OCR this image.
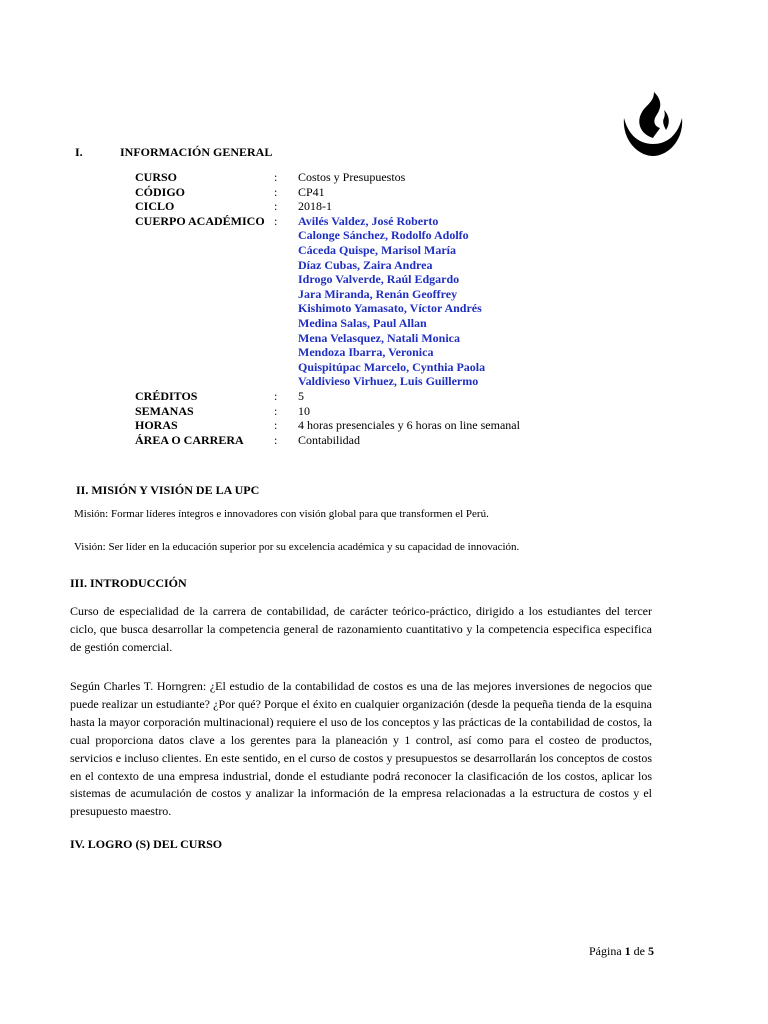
I.	INFORMACIÓN GENERAL
CURSO	:	Costos y Presupuestos
CÓDIGO	:	CP41
CICLO	:	2018-1
CUERPO ACADÉMICO :	Avilés Valdez, José Roberto
Calonge Sánchez, Rodolfo Adolfo
Cáceda Quispe, Marisol María
Díaz Cubas, Zaira Andrea
Idrogo Valverde, Raúl Edgardo
Jara Miranda, Renán Geoffrey
Kishimoto Yamasato, Víctor Andrés
Medina Salas, Paul Allan
Mena Velasquez, Natali Monica
Mendoza Ibarra, Veronica
Quispitúpac Marcelo, Cynthia Paola
Valdivieso Virhuez, Luis Guillermo
CRÉDITOS	:	5
SEMANAS	:	10
HORAS	:	4 horas presenciales y 6 horas on line semanal
ÁREA O CARRERA	:	Contabilidad
II. MISIÓN Y VISIÓN DE LA UPC
Misión: Formar líderes íntegros e innovadores con visión global para que transformen el Perú.
Visión: Ser líder en la educación superior por su excelencia académica y su capacidad de innovación.
III. INTRODUCCIÓN

Curso de especialidad de la carrera de contabilidad, de carácter teórico-práctico, dirigido a los estudiantes del tercer ciclo, que busca desarrollar la competencia general de razonamiento cuantitativo y la competencia especifica especifica de gestión comercial.

Según Charles T. Horngren: ¿El estudio de la contabilidad de costos es una de las mejores inversiones de negocios que puede realizar un estudiante? ¿Por qué? Porque el éxito en cualquier organización (desde la pequeña tienda de la esquina hasta la mayor corporación multinacional) requiere el uso de los conceptos y las prácticas de la contabilidad de costos, la cual proporciona datos clave a los gerentes para la planeación y 1 control, así como para el costeo de productos, servicios e incluso clientes. En este sentido, en el curso de costos y presupuestos se desarrollarán los conceptos de costos en el contexto de una empresa industrial, donde el estudiante podrá reconocer la clasificación de los costos, aplicar los sistemas de acumulación de costos y analizar la información de la empresa relacionadas a la estructura de costos y el presupuesto maestro.

IV. LOGRO (S) DEL CURSO
Página 1 de 5
